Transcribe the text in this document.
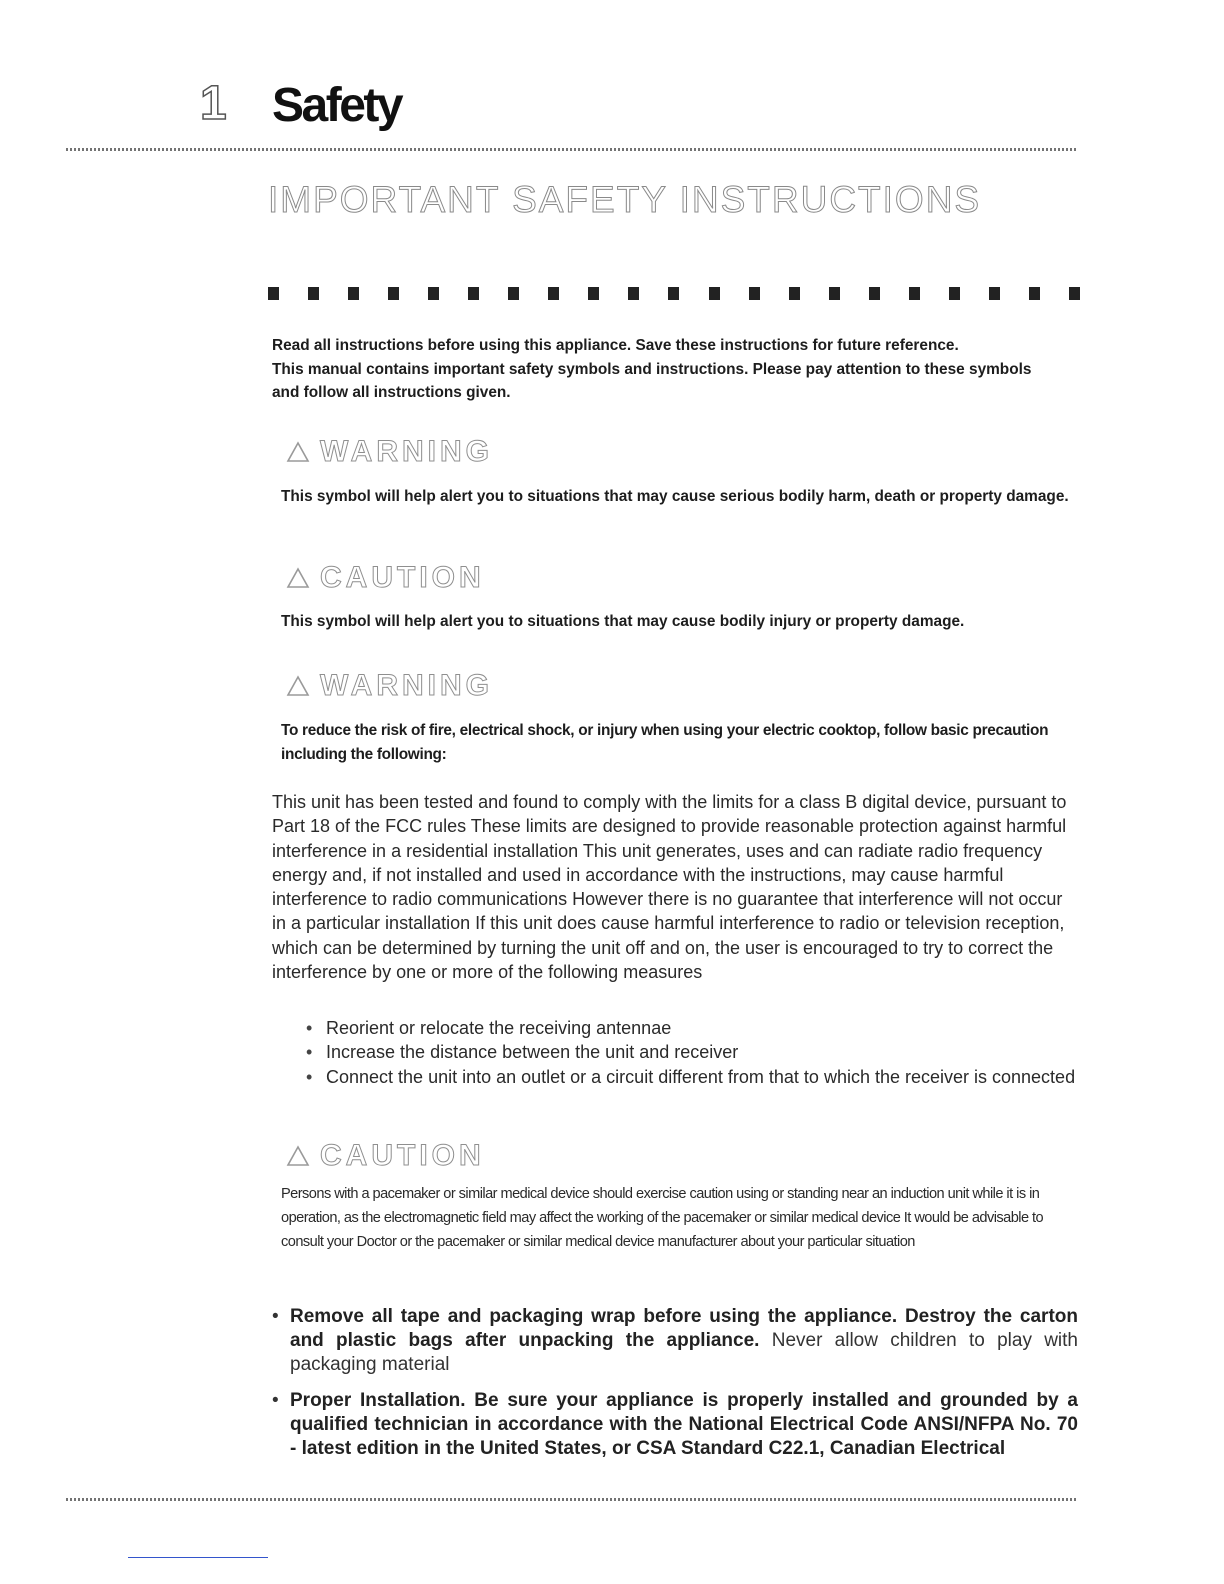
1 Safety
IMPORTANT SAFETY INSTRUCTIONS

Read all instructions before using this appliance. Save these instructions for future reference.

This manual contains important safety symbols and instructions. Please pay attention to these symbols and follow all instructions given.

WARNING

This symbol will help alert you to situations that may cause serious bodily harm, death or property damage.

CAUTION

This symbol will help alert you to situations that may cause bodily injury or property damage.

WARNING

To reduce the risk of fire, electrical shock, or injury when using your electric cooktop, follow basic precaution including the following:

This unit has been tested and found to comply with the limits for a class B digital device, pursuant to Part 18 of the FCC rules These limits are designed to provide reasonable protection against harmful interference in a residential installation This unit generates, uses and can radiate radio frequency energy and, if not installed and used in accordance with the instructions, may cause harmful interference to radio communications However there is no guarantee that interference will not occur in a particular installation If this unit does cause harmful interference to radio or television reception, which can be determined by turning the unit off and on, the user is encouraged to try to correct the interference by one or more of the following measures

• Reorient or relocate the receiving antennae
• Increase the distance between the unit and receiver
• Connect the unit into an outlet or a circuit different from that to which the receiver is connected
CAUTION

Persons with a pacemaker or similar medical device should exercise caution using or standing near an induction unit while it is in operation, as the electromagnetic field may affect the working of the pacemaker or similar medical device It would be advisable to consult your Doctor or the pacemaker or similar medical device manufacturer about your particular situation

• Remove all tape and packaging wrap before using the appliance. Destroy the carton and plastic bags after unpacking the appliance. Never allow children to play with packaging material
• Proper Installation. Be sure your appliance is properly installed and grounded by a qualified technician in accordance with the National Electrical Code ANSI/NFPA No. 70 - latest edition in the United States, or CSA Standard C22.1, Canadian Electrical
